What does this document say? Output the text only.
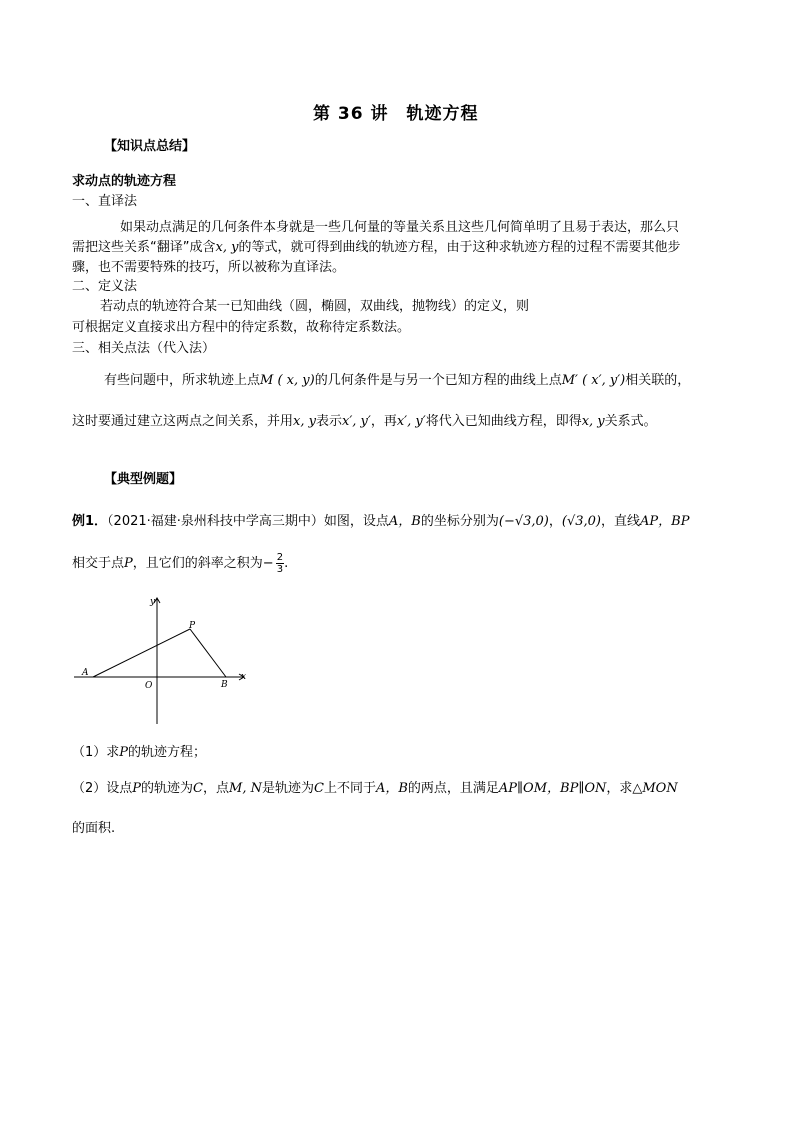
第 36 讲　轨迹方程
【知识点总结】
求动点的轨迹方程
一、直译法
如果动点满足的几何条件本身就是一些几何量的等量关系且这些几何简单明了且易于表达，那么只
需把这些关系“翻译”成含x, y的等式，就可得到曲线的轨迹方程，由于这种求轨迹方程的过程不需要其他步
骤，也不需要特殊的技巧，所以被称为直译法。
二、定义法
若动点的轨迹符合某一已知曲线（圆，椭圆，双曲线，抛物线）的定义，则
可根据定义直接求出方程中的待定系数，故称待定系数法。
三、相关点法（代入法）
有些问题中，所求轨迹上点M ( x, y)的几何条件是与另一个已知方程的曲线上点M′ ( x′, y′)相关联的，
这时要通过建立这两点之间关系，并用x, y表示x′, y′，再x′, y′将代入已知曲线方程，即得x, y关系式。
【典型例题】
例1．（2021·福建·泉州科技中学高三期中）如图，设点A，B的坐标分别为(−√3,0)，(√3,0)，直线AP，BP
相交于点P，且它们的斜率之积为− $\frac{2}{3}$ .
y
x
O
A
B
P
（1）求P的轨迹方程；
（2）设点P的轨迹为C，点M, N是轨迹为C上不同于A，B的两点，且满足AP∥OM，BP∥ON，求△MON
的面积.
